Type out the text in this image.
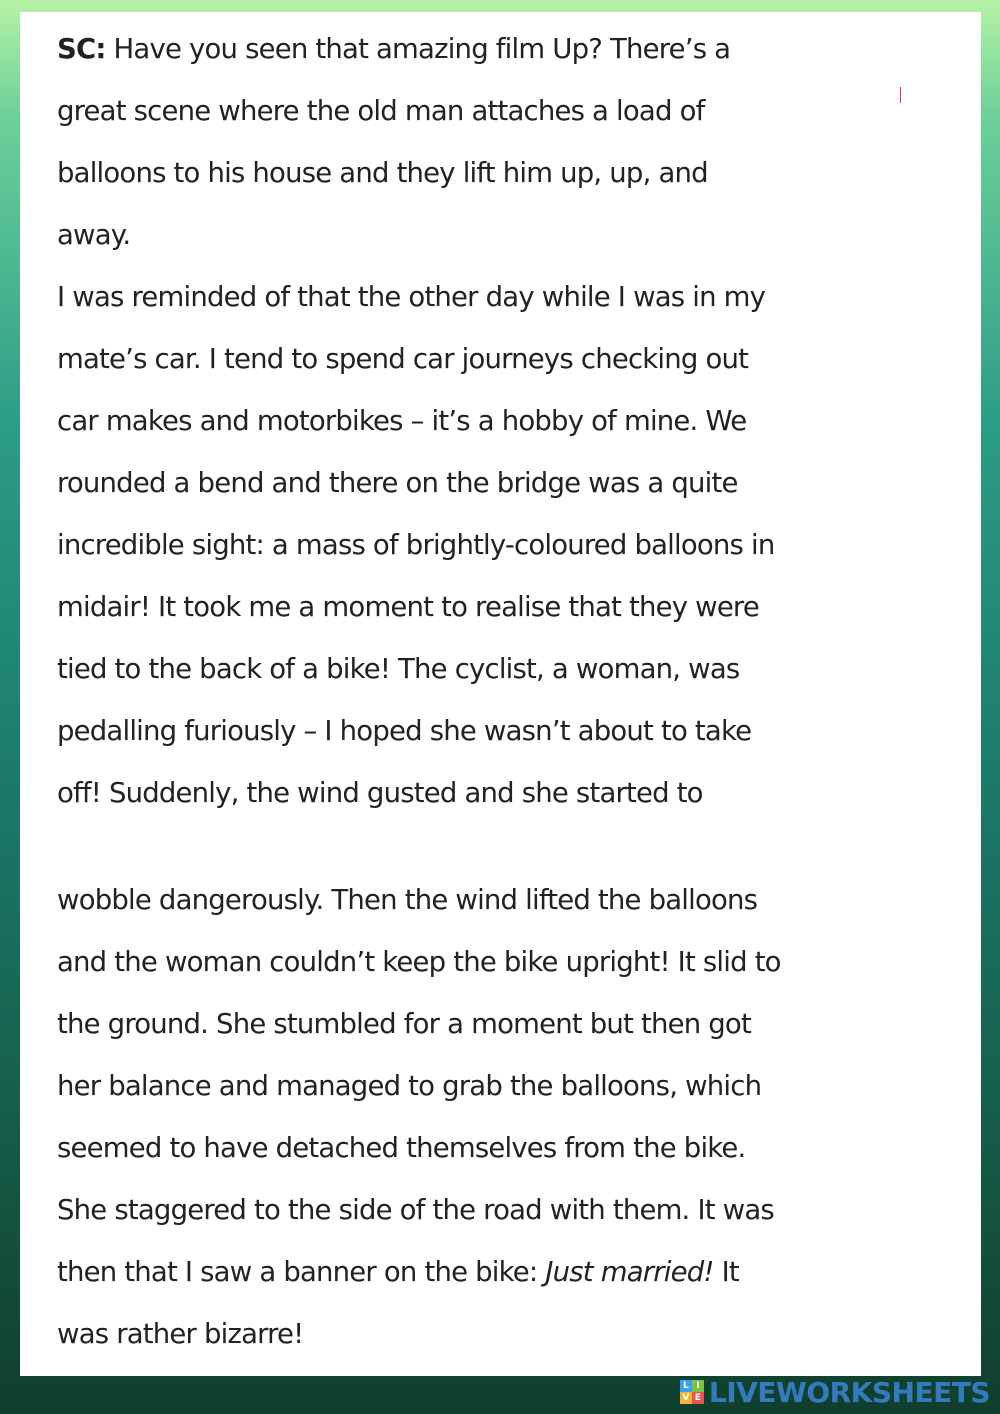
SC: Have you seen that amazing film Up? There’s a
great scene where the old man attaches a load of
balloons to his house and they lift him up, up, and
away.
I was reminded of that the other day while I was in my
mate’s car. I tend to spend car journeys checking out
car makes and motorbikes – it’s a hobby of mine. We
rounded a bend and there on the bridge was a quite
incredible sight: a mass of brightly-coloured balloons in
midair! It took me a moment to realise that they were
tied to the back of a bike! The cyclist, a woman, was
pedalling furiously – I hoped she wasn’t about to take
off! Suddenly, the wind gusted and she started to

wobble dangerously. Then the wind lifted the balloons
and the woman couldn’t keep the bike upright! It slid to
the ground. She stumbled for a moment but then got
her balance and managed to grab the balloons, which
seemed to have detached themselves from the bike.
She staggered to the side of the road with them. It was
then that I saw a banner on the bike: Just married! It
was rather bizarre!

L I
V E LIVEWORKSHEETS
